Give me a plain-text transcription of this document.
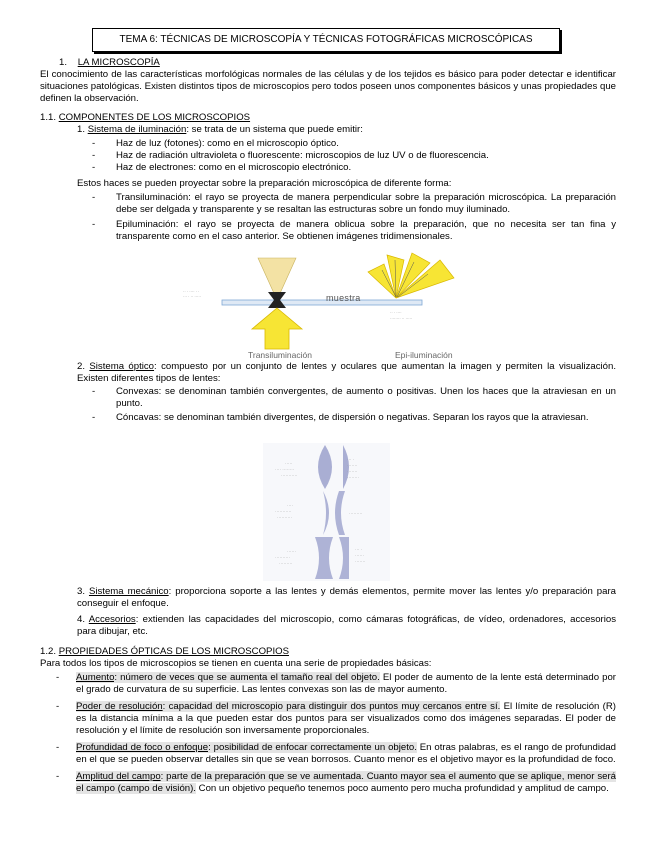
TEMA 6: TÉCNICAS DE MICROSCOPÍA Y TÉCNICAS FOTOGRÁFICAS MICROSCÓPICAS
1. LA MICROSCOPÍA
El conocimiento de las características morfológicas normales de las células y de los tejidos es básico para poder detectar e identificar situaciones patológicas. Existen distintos tipos de microscopios pero todos poseen unos componentes básicos y unas propiedades que definen la observación.
1.1. COMPONENTES DE LOS MICROSCOPIOS
1. Sistema de iluminación: se trata de un sistema que puede emitir:
- Haz de luz (fotones): como en el microscopio óptico.
- Haz de radiación ultravioleta o fluorescente: microscopios de luz UV o de fluorescencia.
- Haz de electrones: como en el microscopio electrónico.
Estos haces se pueden proyectar sobre la preparación microscópica de diferente forma:
- Transiluminación: el rayo se proyecta de manera perpendicular sobre la preparación microscópica. La preparación debe ser delgada y transparente y se resaltan las estructuras sobre un fondo muy iluminado.
- Epiluminación: el rayo se proyecta de manera oblicua sobre la preparación, que no necesita ser tan fina y transparente como en el caso anterior. Se obtienen imágenes tridimensionales.
·· · ···· · ·
··· · ·· ·····
·· · ····
········ ·· ·····
muestra
Transiluminación	Epi-iluminación
2. Sistema óptico: compuesto por un conjunto de lentes y oculares que aumentan la imagen y permiten la visualización. Existen diferentes tipos de lentes:
- Convexas: se denominan también convergentes, de aumento o positivas. Unen los haces que la atraviesan en un punto.
- Cóncavas: se denominan también divergentes, de dispersión o negativas. Separan los rayos que la atraviesan.
·····
···· ········
···········
··· ·
·······
·······
········
····
···········
··········
·········
······
··········
·········
··· ·
······
·······
3. Sistema mecánico: proporciona soporte a las lentes y demás elementos, permite mover las lentes y/o preparación para conseguir el enfoque.
4. Accesorios: extienden las capacidades del microscopio, como cámaras fotográficas, de vídeo, ordenadores, accesorios para dibujar, etc.
1.2. PROPIEDADES ÓPTICAS DE LOS MICROSCOPIOS
Para todos los tipos de microscopios se tienen en cuenta una serie de propiedades básicas:
- Aumento: número de veces que se aumenta el tamaño real del objeto. El poder de aumento de la lente está determinado por el grado de curvatura de su superficie. Las lentes convexas son las de mayor aumento.
- Poder de resolución: capacidad del microscopio para distinguir dos puntos muy cercanos entre sí. El límite de resolución (R) es la distancia mínima a la que pueden estar dos puntos para ser visualizados como dos imágenes separadas. El poder de resolución y el límite de resolución son inversamente proporcionales.
- Profundidad de foco o enfoque: posibilidad de enfocar correctamente un objeto. En otras palabras, es el rango de profundidad en el que se pueden observar detalles sin que se vean borrosos. Cuanto menor es el objetivo mayor es la profundidad de foco.
- Amplitud del campo: parte de la preparación que se ve aumentada. Cuanto mayor sea el aumento que se aplique, menor será el campo (campo de visión). Con un objetivo pequeño tenemos poco aumento pero mucha profundidad y amplitud de campo.
